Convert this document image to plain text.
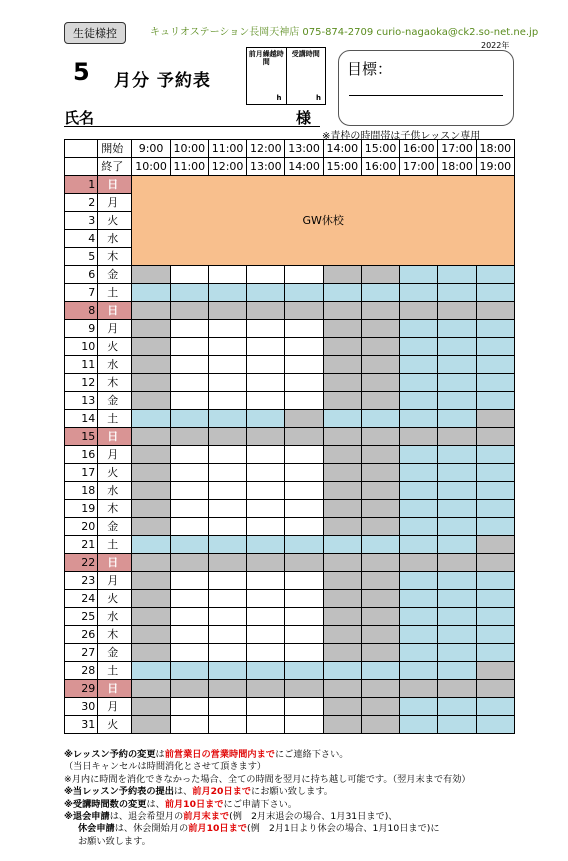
生徒様控	キュリオステーション長岡天神店 075-874-2709 curio-nagaoka@ck2.so-net.ne.jp
2022年
5 月分 予約表
前月繰越時間
h
受講時間
h
目標：
氏名	様
※青枠の時間帯は子供レッスン専用
	開始	9:00	10:00	11:00	12:00	13:00	14:00	15:00	16:00	17:00	18:00
	終了	10:00	11:00	12:00	13:00	14:00	15:00	16:00	17:00	18:00	19:00
1	日	GW休校									
2	月										
3	火										
4	水										
5	木										
6	金										
7	土										
8	日										
9	月										
10	火										
11	水										
12	木										
13	金										
14	土										
15	日										
16	月										
17	火										
18	水										
19	木										
20	金										
21	土										
22	日										
23	月										
24	火										
25	水										
26	木										
27	金										
28	土										
29	日										
30	月										
31	火										

※レッスン予約の変更は前営業日の営業時間内までにご連絡下さい。

（当日キャンセルは時間消化とさせて頂きます）

※月内に時間を消化できなかった場合、全ての時間を翌月に持ち越し可能です。（翌月末まで有効）

※当レッスン予約表の提出は、前月20日までにお願い致します。

※受講時間数の変更は、前月10日までにご申請下さい。

※退会申請は、退会希望月の前月末まで(例　2月末退会の場合、1月31日まで)、

休会申請は、休会開始月の前月10日まで(例　2月1日より休会の場合、1月10日まで)に

お願い致します。
